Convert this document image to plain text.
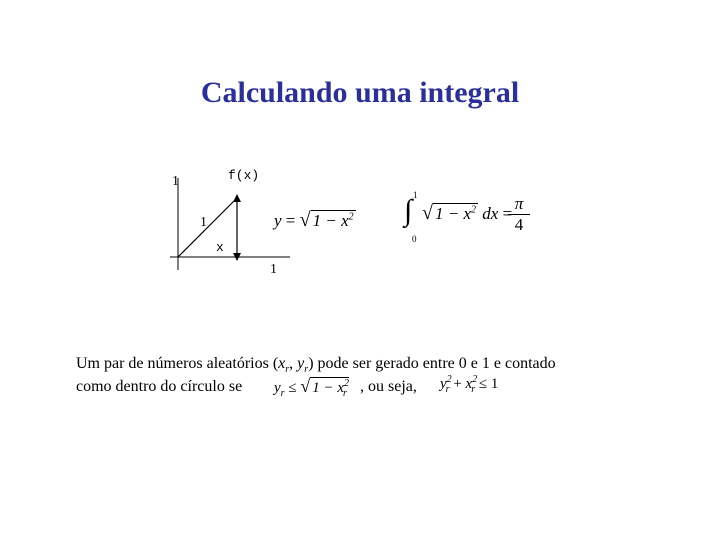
Calculando uma integral
1	f(x)
1
x
1
y = √ $1 - x^2$
1
∫
0
√ $1 - x^2$ dx =
$\frac{\pi}{4}$
Um par de números aleatórios ($x_r$, $y_r$) pode ser gerado entre 0 e 1 e contado
como dentro do círculo se	, ou seja,
$y_r$ ≤ √ $1 - x^2_r$
$y^2_r + x^2_r \le 1$
